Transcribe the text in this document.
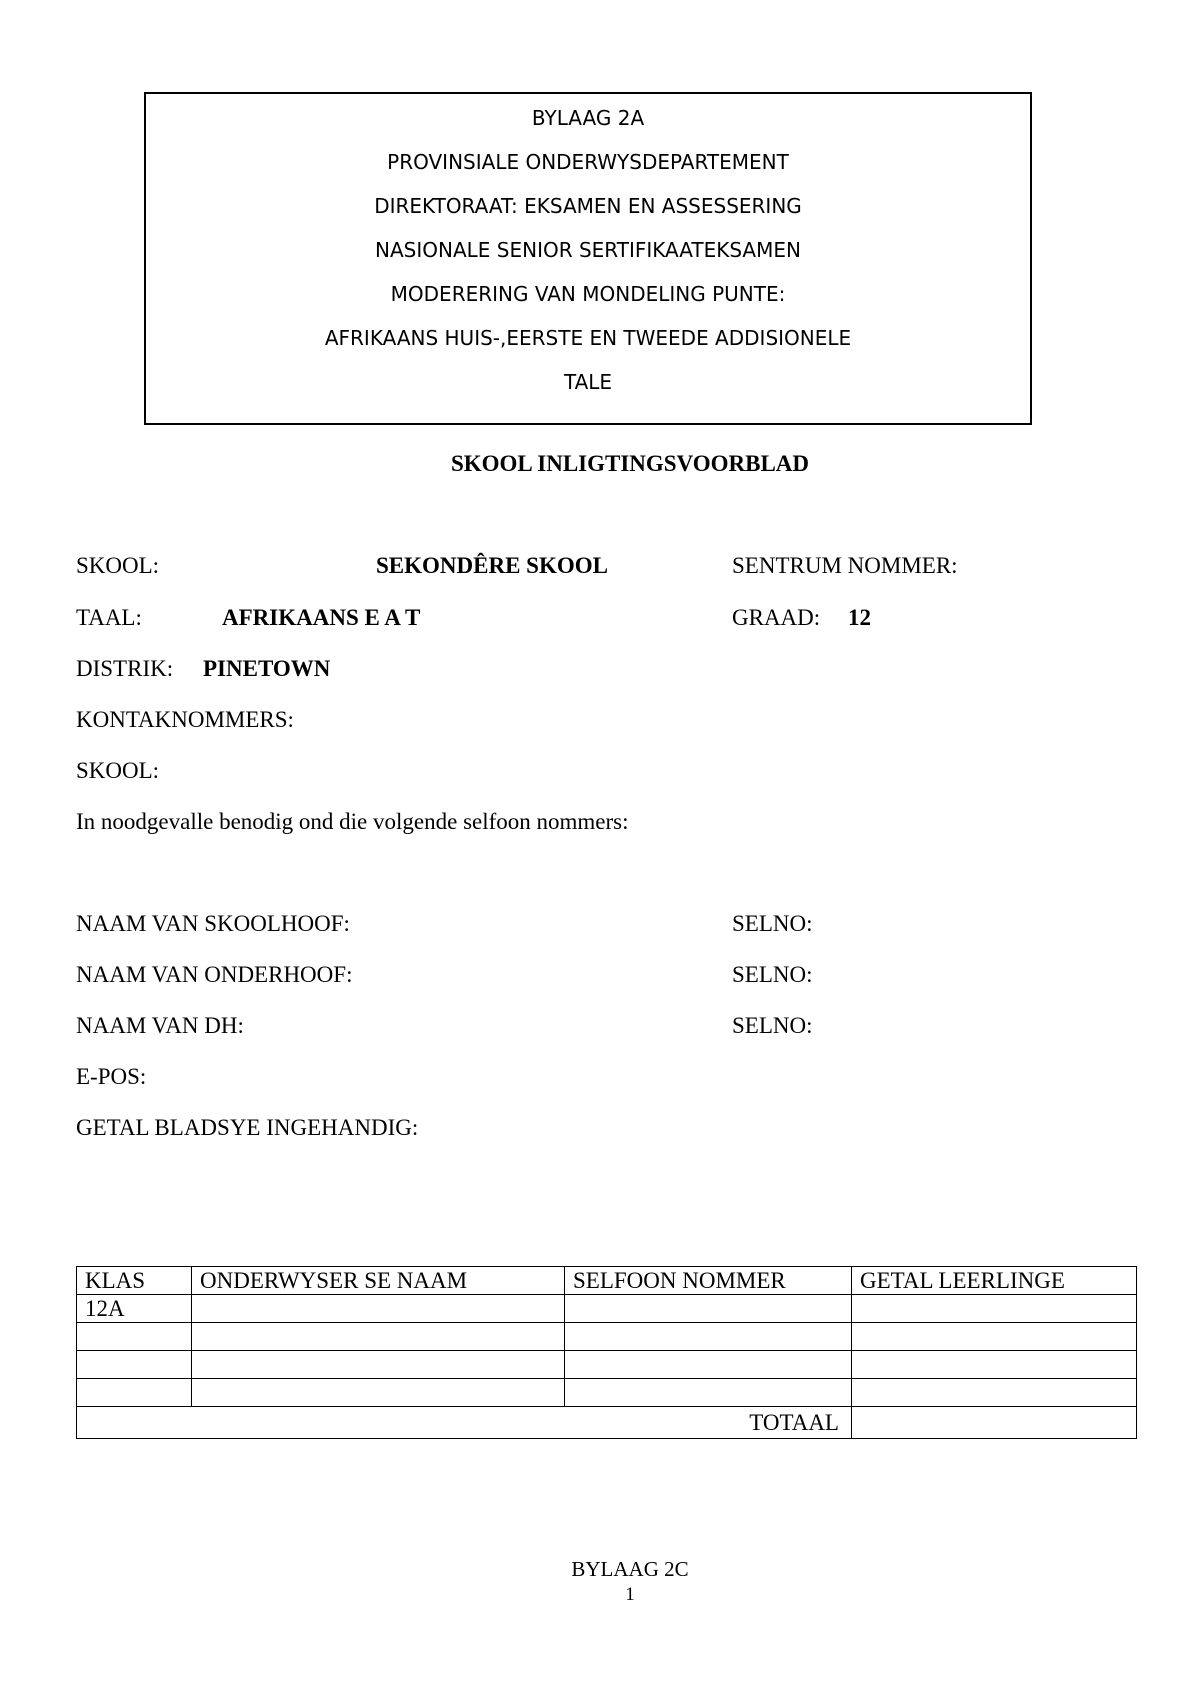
BYLAAG 2A
PROVINSIALE ONDERWYSDEPARTEMENT
DIREKTORAAT: EKSAMEN EN ASSESSERING
NASIONALE SENIOR SERTIFIKAATEKSAMEN
MODERERING VAN MONDELING PUNTE:
AFRIKAANS HUIS-,EERSTE EN TWEEDE ADDISIONELE
TALE
SKOOL INLIGTINGSVOORBLAD
SKOOL:	SEKONDÊRE SKOOL	SENTRUM NOMMER:
TAAL:	AFRIKAANS E A T	GRAAD: 12
DISTRIK: PINETOWN
KONTAKNOMMERS:
SKOOL:
In noodgevalle benodig ond die volgende selfoon nommers:
NAAM VAN SKOOLHOOF:	SELNO:
NAAM VAN ONDERHOOF:	SELNO:
NAAM VAN DH:	SELNO:
E-POS:
GETAL BLADSYE INGEHANDIG:
KLAS	ONDERWYSER SE NAAM	SELFOON NOMMER	GETAL LEERLINGE
12A			

TOTAAL			
BYLAAG 2C
1
